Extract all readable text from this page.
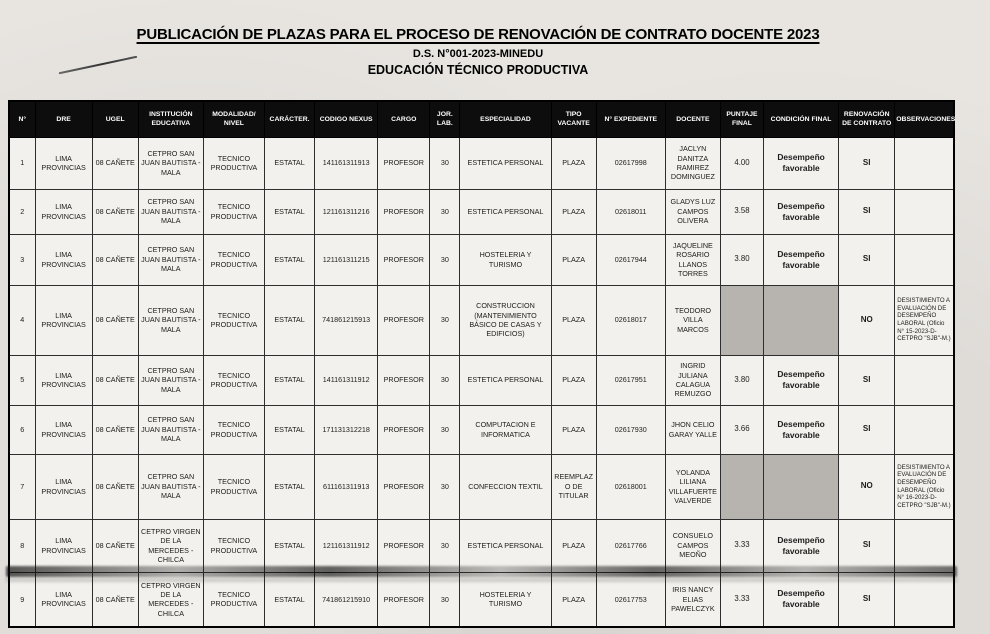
PUBLICACIÓN DE PLAZAS PARA EL PROCESO DE RENOVACIÓN DE CONTRATO DOCENTE 2023
D.S. N°001-2023-MINEDU
EDUCACIÓN TÉCNICO PRODUCTIVA
N°	DRE	UGEL	INSTITUCIÓN EDUCATIVA	MODALIDAD/ NIVEL	CARÁCTER.	CODIGO NEXUS	CARGO	JOR. LAB.	ESPECIALIDAD	TIPO VACANTE	N° EXPEDIENTE	DOCENTE	PUNTAJE FINAL	CONDICIÓN FINAL	RENOVACIÓN DE CONTRATO	OBSERVACIONES
1	LIMA PROVINCIAS	08 CAÑETE	CETPRO SAN JUAN BAUTISTA - MALA	TECNICO PRODUCTIVA	ESTATAL	141161311913	PROFESOR	30	ESTETICA PERSONAL	PLAZA	02617998	JACLYN DANITZA RAMIREZ DOMINGUEZ	4.00	Desempeño favorable	SI	
2	LIMA PROVINCIAS	08 CAÑETE	CETPRO SAN JUAN BAUTISTA - MALA	TECNICO PRODUCTIVA	ESTATAL	121161311216	PROFESOR	30	ESTETICA PERSONAL	PLAZA	02618011	GLADYS LUZ CAMPOS OLIVERA	3.58	Desempeño favorable	SI	
3	LIMA PROVINCIAS	08 CAÑETE	CETPRO SAN JUAN BAUTISTA - MALA	TECNICO PRODUCTIVA	ESTATAL	121161311215	PROFESOR	30	HOSTELERIA Y TURISMO	PLAZA	02617944	JAQUELINE ROSARIO LLANOS TORRES	3.80	Desempeño favorable	SI	
4	LIMA PROVINCIAS	08 CAÑETE	CETPRO SAN JUAN BAUTISTA - MALA	TECNICO PRODUCTIVA	ESTATAL	741861215913	PROFESOR	30	CONSTRUCCION (MANTENIMIENTO BÁSICO DE CASAS Y EDIFICIOS)	PLAZA	02618017	TEODORO VILLA MARCOS			NO	DESISTIMIENTO A EVALUACIÓN DE DESEMPEÑO LABORAL (Oficio N° 15-2023-D-CETPRO "SJB"-M.)
5	LIMA PROVINCIAS	08 CAÑETE	CETPRO SAN JUAN BAUTISTA - MALA	TECNICO PRODUCTIVA	ESTATAL	141161311912	PROFESOR	30	ESTETICA PERSONAL	PLAZA	02617951	INGRID JULIANA CALAGUA REMUZGO	3.80	Desempeño favorable	SI	
6	LIMA PROVINCIAS	08 CAÑETE	CETPRO SAN JUAN BAUTISTA - MALA	TECNICO PRODUCTIVA	ESTATAL	171131312218	PROFESOR	30	COMPUTACION E INFORMATICA	PLAZA	02617930	JHON CELIO GARAY YALLE	3.66	Desempeño favorable	SI	
7	LIMA PROVINCIAS	08 CAÑETE	CETPRO SAN JUAN BAUTISTA - MALA	TECNICO PRODUCTIVA	ESTATAL	611161311913	PROFESOR	30	CONFECCION TEXTIL	REEMPLAZO DE TITULAR	02618001	YOLANDA LILIANA VILLAFUERTE VALVERDE			NO	DESISTIMIENTO A EVALUACIÓN DE DESEMPEÑO LABORAL (Oficio N° 16-2023-D-CETPRO "SJB"-M.)
8	LIMA PROVINCIAS	08 CAÑETE	CETPRO VIRGEN DE LA MERCEDES - CHILCA	TECNICO PRODUCTIVA	ESTATAL	121161311912	PROFESOR	30	ESTETICA PERSONAL	PLAZA	02617766	CONSUELO CAMPOS MEOÑO	3.33	Desempeño favorable	SI	
9	LIMA PROVINCIAS	08 CAÑETE	CETPRO VIRGEN DE LA MERCEDES - CHILCA	TECNICO PRODUCTIVA	ESTATAL	741861215910	PROFESOR	30	HOSTELERIA Y TURISMO	PLAZA	02617753	IRIS NANCY ELIAS PAWELCZYK	3.33	Desempeño favorable	SI	
